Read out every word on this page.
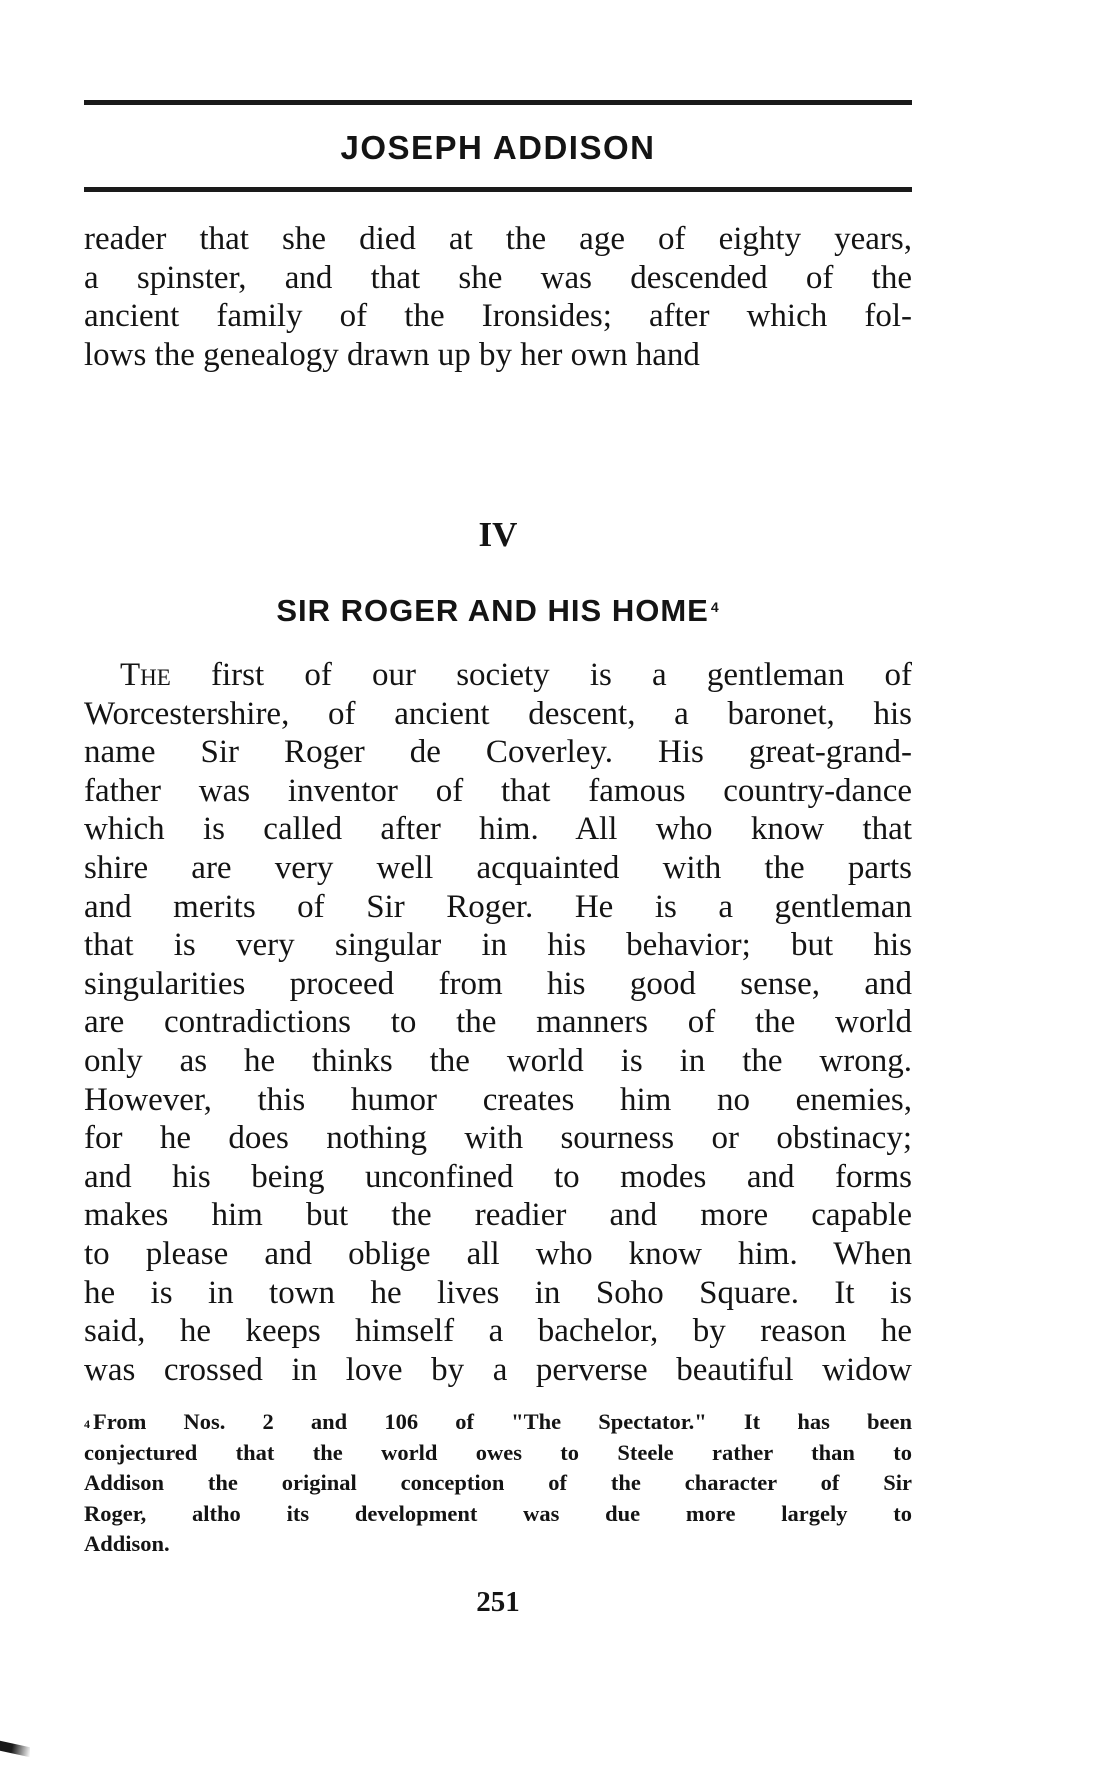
JOSEPH ADDISON
reader that she died at the age of eighty years,
a spinster, and that she was descended of the
ancient family of the Ironsides; after which fol-
lows the genealogy drawn up by her own hand
IV
SIR ROGER AND HIS HOME $^4$
The first of our society is a gentleman of
Worcestershire, of ancient descent, a baronet, his
name Sir Roger de Coverley. His great-grand-
father was inventor of that famous country-dance
which is called after him. All who know that
shire are very well acquainted with the parts
and merits of Sir Roger. He is a gentleman
that is very singular in his behavior; but his
singularities proceed from his good sense, and
are contradictions to the manners of the world
only as he thinks the world is in the wrong.
However, this humor creates him no enemies,
for he does nothing with sourness or obstinacy;
and his being unconfined to modes and forms
makes him but the readier and more capable
to please and oblige all who know him. When
he is in town he lives in Soho Square. It is
said, he keeps himself a bachelor, by reason he
was crossed in love by a perverse beautiful widow
$^4$ From Nos. 2 and 106 of "The Spectator." It has been
conjectured that the world owes to Steele rather than to
Addison the original conception of the character of Sir
Roger, altho its development was due more largely to
Addison.
251
